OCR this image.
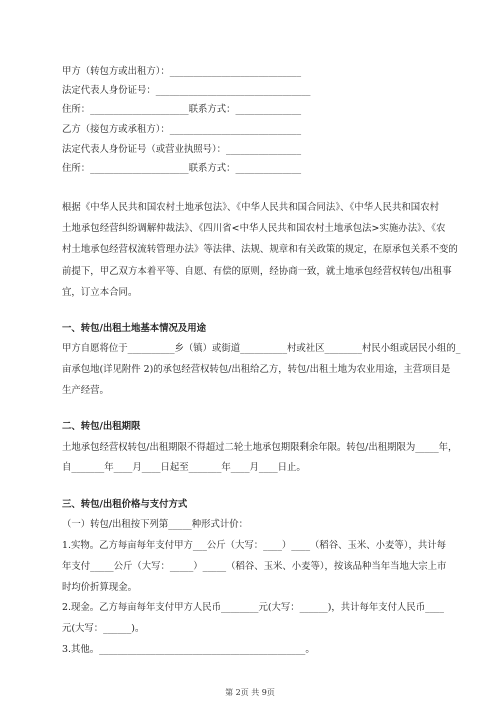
甲方（转包方或出租方）：____________________________
法定代表人身份证号：_________________________________
住所：_____________________联系方式：______________
乙方（接包方或承租方）：____________________________
法定代表人身份证号（或营业执照号）：________________
住所：_____________________联系方式：______________
根据《中华人民共和国农村土地承包法》、《中华人民共和国合同法》、《中华人民共和国农村
土地承包经营纠纷调解仲裁法》、《四川省<中华人民共和国农村土地承包法>实施办法》、《农
村土地承包经营权流转管理办法》等法律、法规、规章和有关政策的规定，在原承包关系不变的
前提下，甲乙双方本着平等、自愿、有偿的原则，经协商一致，就土地承包经营权转包/出租事
宜，订立本合同。
一、转包/出租土地基本情况及用途
甲方自愿将位于__________乡（镇）或街道__________村或社区________村民小组或居民小组的_
亩承包地(详见附件 2)的承包经营权转包/出租给乙方，转包/出租土地为农业用途，主营项目是
生产经营。
二、转包/出租期限
土地承包经营权转包/出租期限不得超过二轮土地承包期限剩余年限。转包/出租期限为_____年，
自_______年____月____日起至_______年____月____日止。
三、转包/出租价格与支付方式
（一）转包/出租按下列第_____种形式计价：
1.实物。乙方每亩每年支付甲方___公斤（大写：____）____（稻谷、玉米、小麦等），共计每
年支付_____公斤（大写：_____）_____（稻谷、玉米、小麦等），按该品种当年当地大宗上市
时均价折算现金。
2.现金。乙方每亩每年支付甲方人民币________元(大写：______)，共计每年支付人民币____
元(大写：______)。
3.其他。____________________________________________。
第 2页 共 9页
